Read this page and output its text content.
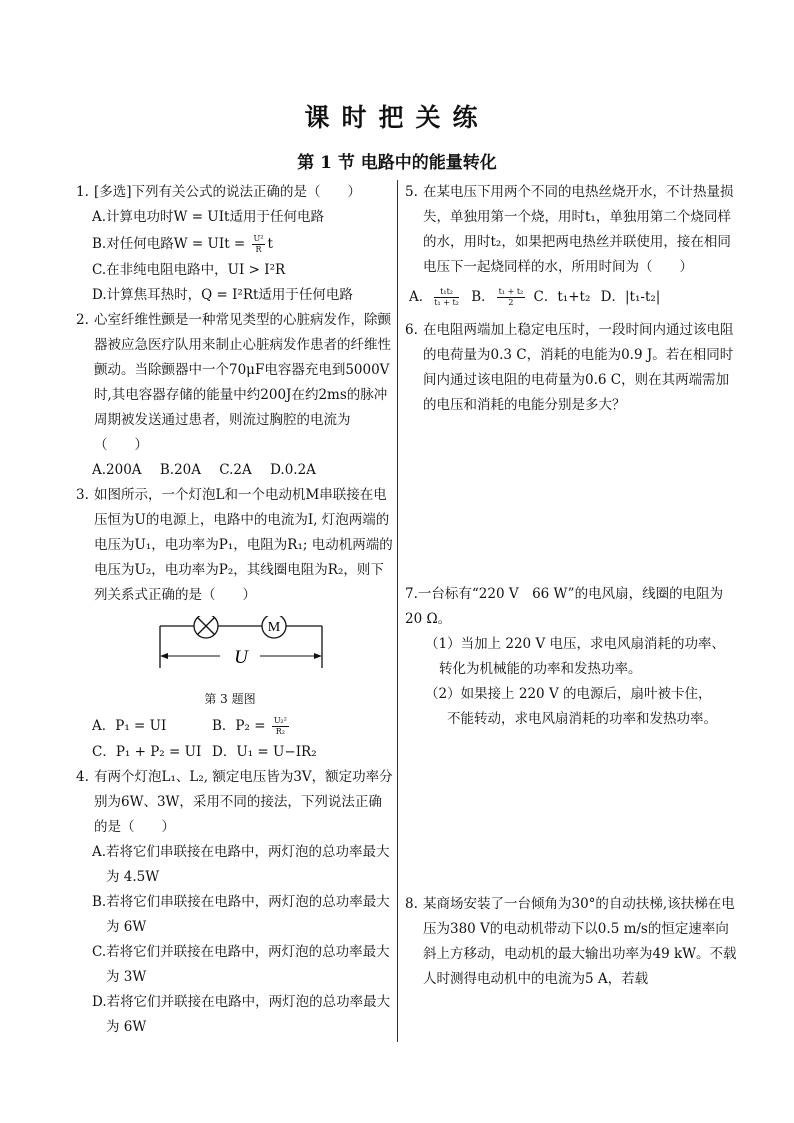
课时把关练
第 1 节 电路中的能量转化
1. [多选]下列有关公式的说法正确的是（　　）
A.计算电功时W = UIt适用于任何电路
B.对任何电路W = UIt = $\frac{\text{U²}}{R}$ t
C.在非纯电阻电路中，UI > I²R
D.计算焦耳热时，Q = I²Rt适用于任何电路
2. 心室纤维性颤是一种常见类型的心脏病发作，除颤器被应急医疗队用来制止心脏病发作患者的纤维性颤动。当除颤器中一个70μF电容器充电到5000V时,其电容器存储的能量中约200J在约2ms的脉冲周期被发送通过患者，则流过胸腔的电流为（　　）
A.200A B.20A C.2A D.0.2A
3. 如图所示，一个灯泡L和一个电动机M串联接在电压恒为U的电源上，电路中的电流为I, 灯泡两端的电压为U₁，电功率为P₁，电阻为R₁; 电动机两端的电压为U₂，电功率为P₂，其线圈电阻为R₂，则下列关系式正确的是（　　）
M
U
第 3 题图
A．P₁ = UI	B．$P_2 = \frac{\text{U₂²}}{\text{R₂}}$
C．P₁ + P₂ = UI D．U₁ = U−IR₂
4. 有两个灯泡L₁、L₂, 额定电压皆为3V，额定功率分别为6W、3W，采用不同的接法，下列说法正确的是（　　）
A.若将它们串联接在电路中，两灯泡的总功率最大为 4.5W
B.若将它们串联接在电路中，两灯泡的总功率最大为 6W
C.若将它们并联接在电路中，两灯泡的总功率最大为 3W
D.若将它们并联接在电路中，两灯泡的总功率最大为 6W
5. 在某电压下用两个不同的电热丝烧开水，不计热量损失，单独用第一个烧，用时t₁，单独用第二个烧同样的水，用时t₂，如果把两电热丝并联使用，接在相同电压下一起烧同样的水，所用时间为（　　）
A． $\frac{\text{t₁t₂}}{\text{t₁ + t₂}}$ B． $\frac{\text{t₁ + t₂}}{2}$ C．t₁+t₂ D．|t₁-t₂|
6. 在电阻两端加上稳定电压时，一段时间内通过该电阻的电荷量为0.3 C，消耗的电能为0.9 J。若在相同时间内通过该电阻的电荷量为0.6 C，则在其两端需加的电压和消耗的电能分别是多大？
7.一台标有“220 V　66 W”的电风扇，线圈的电阻为20 Ω。
（1）当加上 220 V 电压，求电风扇消耗的功率、
转化为机械能的功率和发热功率。
（2）如果接上 220 V 的电源后，扇叶被卡住，
不能转动，求电风扇消耗的功率和发热功率。
8. 某商场安装了一台倾角为30°的自动扶梯,该扶梯在电压为380 V的电动机带动下以0.5 m/s的恒定速率向斜上方移动，电动机的最大输出功率为49 kW。不载人时测得电动机中的电流为5 A，若载
